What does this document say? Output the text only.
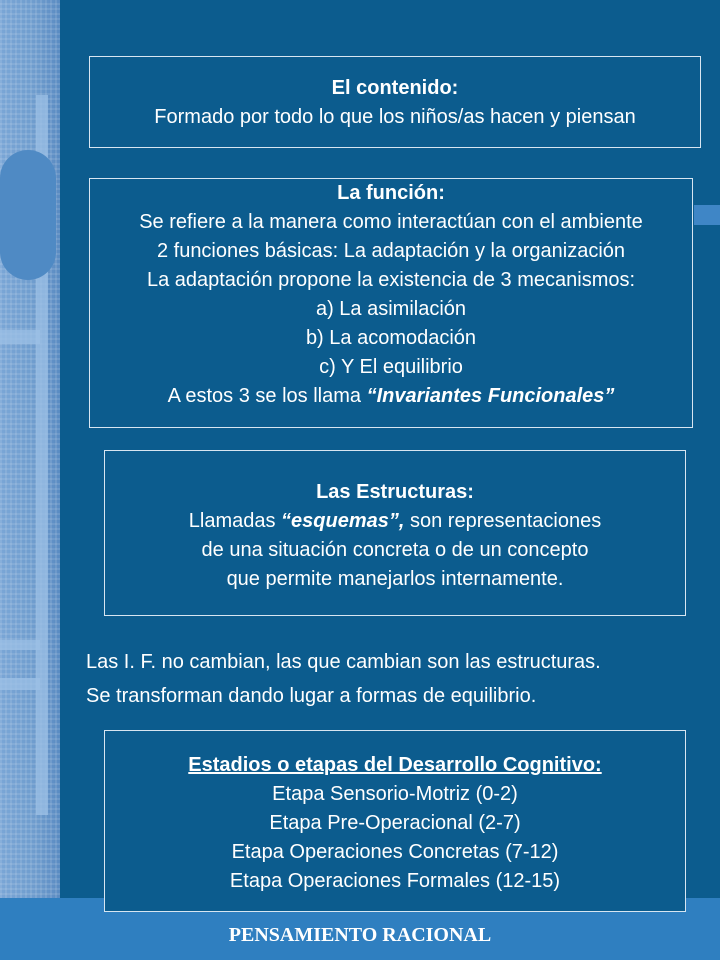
El contenido:
Formado por todo lo que los niños/as hacen y piensan
La función:
Se refiere a la manera como interactúan con el ambiente
2 funciones básicas: La adaptación y la organización
La adaptación propone la existencia de 3 mecanismos:
a) La asimilación
b) La acomodación
c) Y El equilibrio
A estos 3 se los llama “Invariantes Funcionales”
Las Estructuras:
Llamadas “esquemas”, son representaciones
de una situación concreta o de un concepto
que permite manejarlos internamente.
Las I. F. no cambian, las que cambian son las estructuras.
Se transforman dando lugar a formas de equilibrio.
Estadios o etapas del Desarrollo Cognitivo:
Etapa Sensorio-Motriz (0-2)
Etapa Pre-Operacional (2-7)
Etapa Operaciones Concretas (7-12)
Etapa Operaciones Formales (12-15)
PENSAMIENTO RACIONAL
